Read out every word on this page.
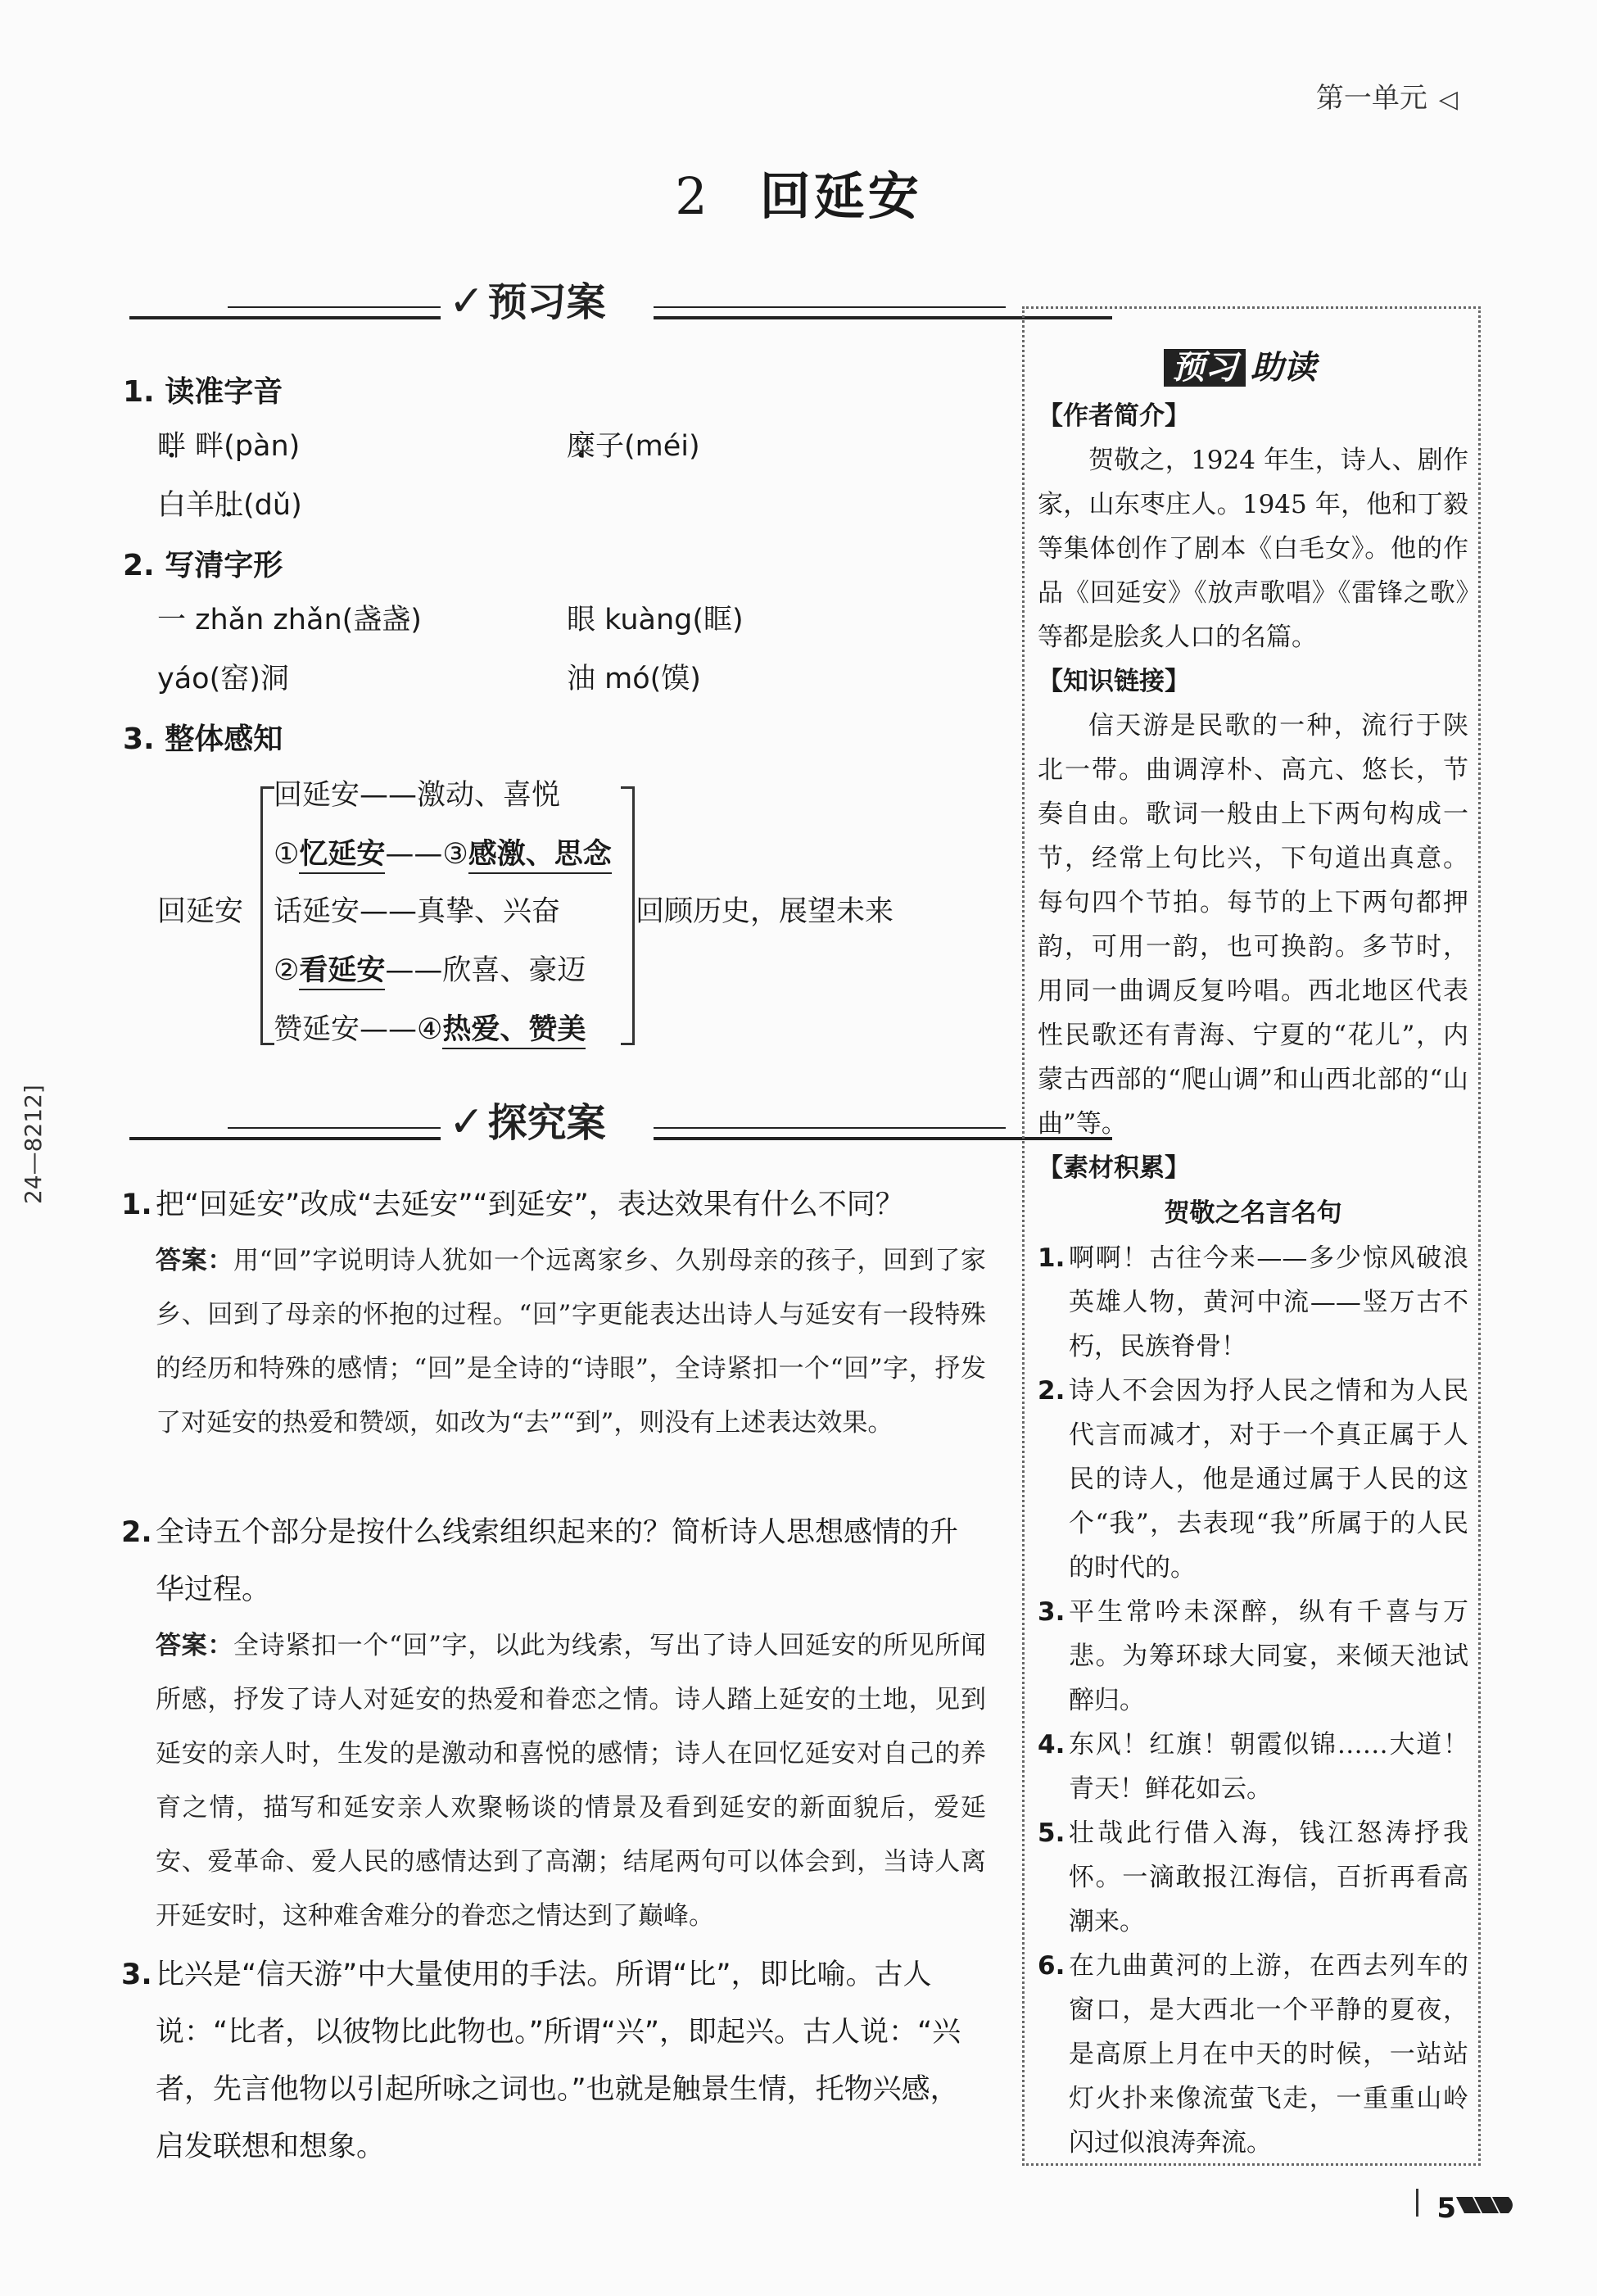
第一单元 ◁
2 回延安
✓预习案
1. 读准字音
畔 畔(pàn)	糜子(méi)
白羊肚(dǔ)
2. 写清字形
一 zhǎn zhǎn(盏盏)	眼 kuàng(眶)
yáo(窑)洞	油 mó(馍)
3. 整体感知
回延安
回延安——激动、喜悦
①忆延安——③感激、思念
话延安——真挚、兴奋
②看延安——欣喜、豪迈
赞延安——④热爱、赞美
回顾历史，展望未来
✓探究案
1. 把“回延安”改成“去延安”“到延安”，表达效果有什么不同？
答案：用“回”字说明诗人犹如一个远离家乡、久别母亲的孩子，回到了家乡、回到了母亲的怀抱的过程。“回”字更能表达出诗人与延安有一段特殊的经历和特殊的感情；“回”是全诗的“诗眼”，全诗紧扣一个“回”字，抒发了对延安的热爱和赞颂，如改为“去”“到”，则没有上述表达效果。
2. 全诗五个部分是按什么线索组织起来的？简析诗人思想感情的升华过程。
答案：全诗紧扣一个“回”字，以此为线索，写出了诗人回延安的所见所闻所感，抒发了诗人对延安的热爱和眷恋之情。诗人踏上延安的土地，见到延安的亲人时，生发的是激动和喜悦的感情；诗人在回忆延安对自己的养育之情，描写和延安亲人欢聚畅谈的情景及看到延安的新面貌后，爱延安、爱革命、爱人民的感情达到了高潮；结尾两句可以体会到，当诗人离开延安时，这种难舍难分的眷恋之情达到了巅峰。
3. 比兴是“信天游”中大量使用的手法。所谓“比”，即比喻。古人说：“比者，以彼物比此物也。”所谓“兴”，即起兴。古人说：“兴者，先言他物以引起所咏之词也。”也就是触景生情，托物兴感，启发联想和想象。
预习 助读
【作者简介】

贺敬之，1924 年生，诗人、剧作家，山东枣庄人。1945 年，他和丁毅等集体创作了剧本《白毛女》。他的作品《回延安》《放声歌唱》《雷锋之歌》等都是脍炙人口的名篇。

【知识链接】

信天游是民歌的一种，流行于陕北一带。曲调淳朴、高亢、悠长，节奏自由。歌词一般由上下两句构成一节，经常上句比兴，下句道出真意。每句四个节拍。每节的上下两句都押韵，可用一韵，也可换韵。多节时，用同一曲调反复吟唱。西北地区代表性民歌还有青海、宁夏的“花儿”，内蒙古西部的“爬山调”和山西北部的“山曲”等。

【素材积累】
贺敬之名言名句
1. 啊啊！古往今来——多少惊风破浪英雄人物，黄河中流——竖万古不朽，民族脊骨！
2. 诗人不会因为抒人民之情和为人民代言而减才，对于一个真正属于人民的诗人，他是通过属于人民的这个“我”，去表现“我”所属于的人民的时代的。
3. 平生常吟未深醉，纵有千喜与万悲。为筹环球大同宴，来倾天池试醉归。
4. 东风！红旗！朝霞似锦……大道！青天！鲜花如云。
5. 壮哉此行借入海，钱江怒涛抒我怀。一滴敢报江海信，百折再看高潮来。
6. 在九曲黄河的上游，在西去列车的窗口，是大西北一个平静的夏夜，是高原上月在中天的时候，一站站灯火扑来像流萤飞走，一重重山岭闪过似浪涛奔流。
24—8212]
5
